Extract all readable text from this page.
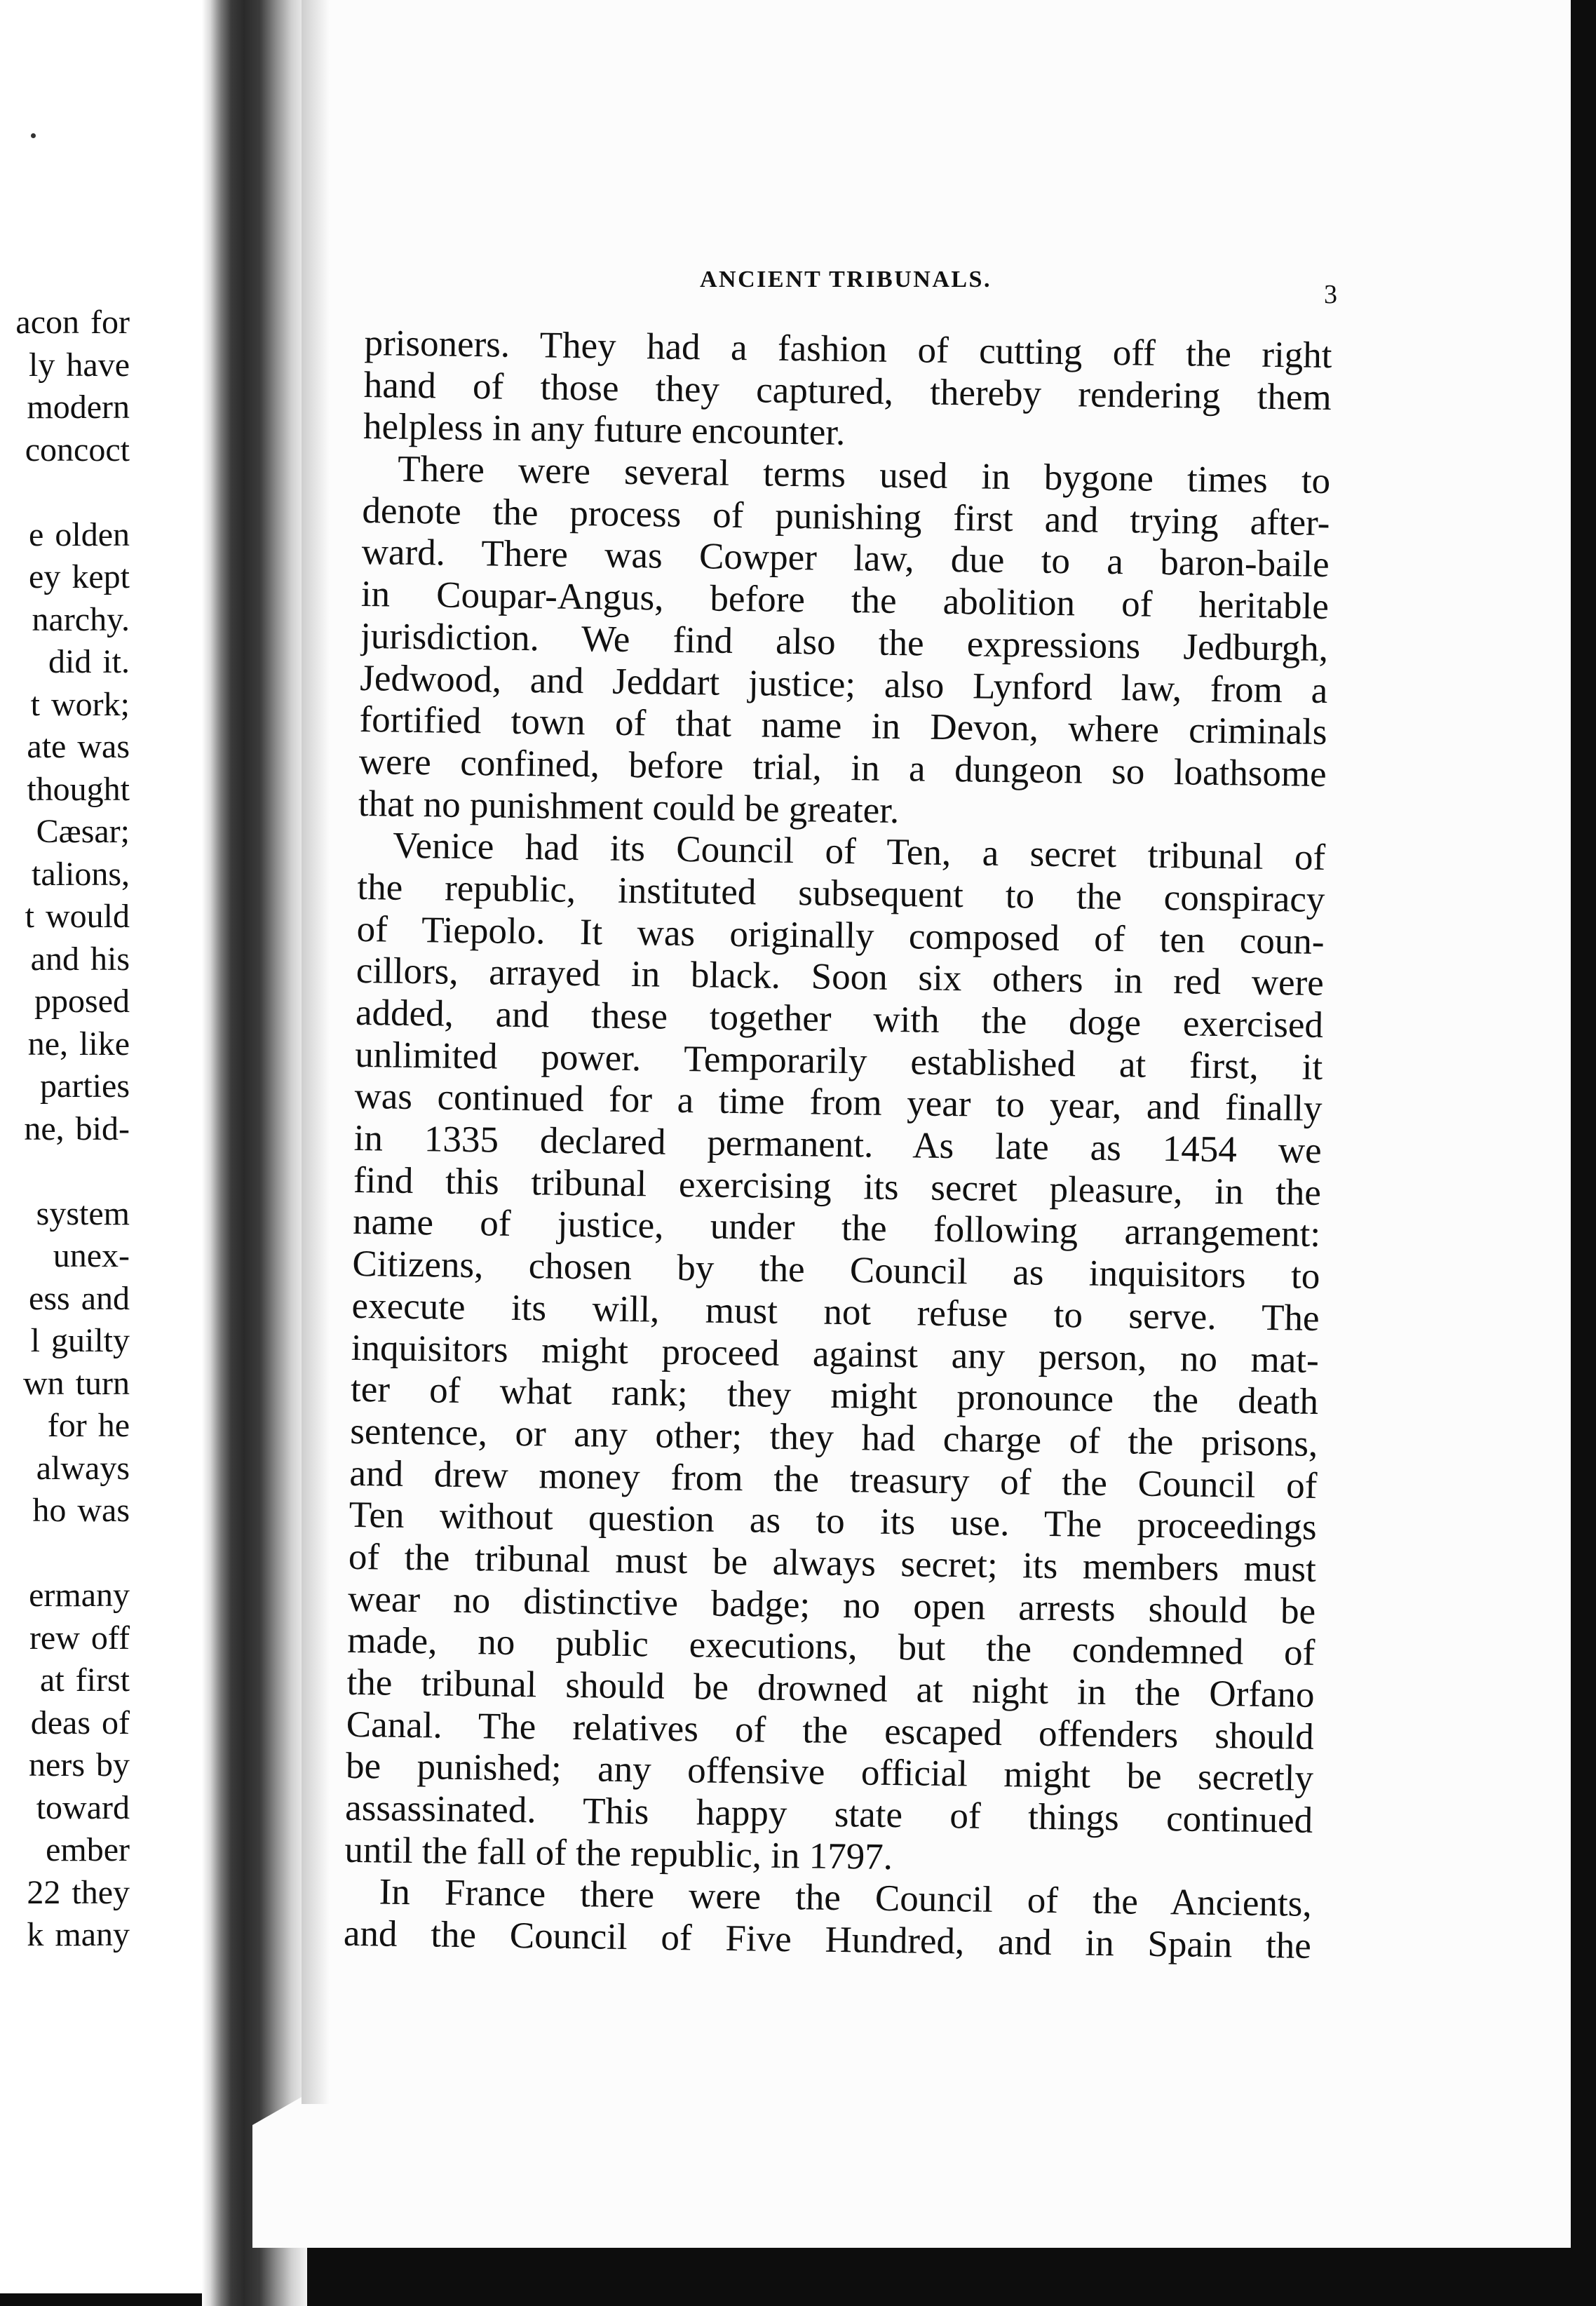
acon for
ly have
modern
concoct
e olden
ey kept
narchy.
did it.
t work;
ate was
thought
Cæsar;
talions,
t would
and his
pposed
ne, like
parties
ne, bid-
system
unex-
ess and
l guilty
wn turn
for he
always
ho was
ermany
rew off
at first
deas of
ners by
toward
ember
22 they
k many
ANCIENT TRIBUNALS.
3
prisoners. They had a fashion of cutting off the right
hand of those they captured, thereby rendering them
helpless in any future encounter.
There were several terms used in bygone times to
denote the process of punishing first and trying after-
ward. There was Cowper law, due to a baron-baile
in Coupar-Angus, before the abolition of heritable
jurisdiction. We find also the expressions Jedburgh,
Jedwood, and Jeddart justice; also Lynford law, from a
fortified town of that name in Devon, where criminals
were confined, before trial, in a dungeon so loathsome
that no punishment could be greater.
Venice had its Council of Ten, a secret tribunal of
the republic, instituted subsequent to the conspiracy
of Tiepolo. It was originally composed of ten coun-
cillors, arrayed in black. Soon six others in red were
added, and these together with the doge exercised
unlimited power. Temporarily established at first, it
was continued for a time from year to year, and finally
in 1335 declared permanent. As late as 1454 we
find this tribunal exercising its secret pleasure, in the
name of justice, under the following arrangement:
Citizens, chosen by the Council as inquisitors to
execute its will, must not refuse to serve. The
inquisitors might proceed against any person, no mat-
ter of what rank; they might pronounce the death
sentence, or any other; they had charge of the prisons,
and drew money from the treasury of the Council of
Ten without question as to its use. The proceedings
of the tribunal must be always secret; its members must
wear no distinctive badge; no open arrests should be
made, no public executions, but the condemned of
the tribunal should be drowned at night in the Orfano
Canal. The relatives of the escaped offenders should
be punished; any offensive official might be secretly
assassinated. This happy state of things continued
until the fall of the republic, in 1797.
In France there were the Council of the Ancients,
and the Council of Five Hundred, and in Spain the
